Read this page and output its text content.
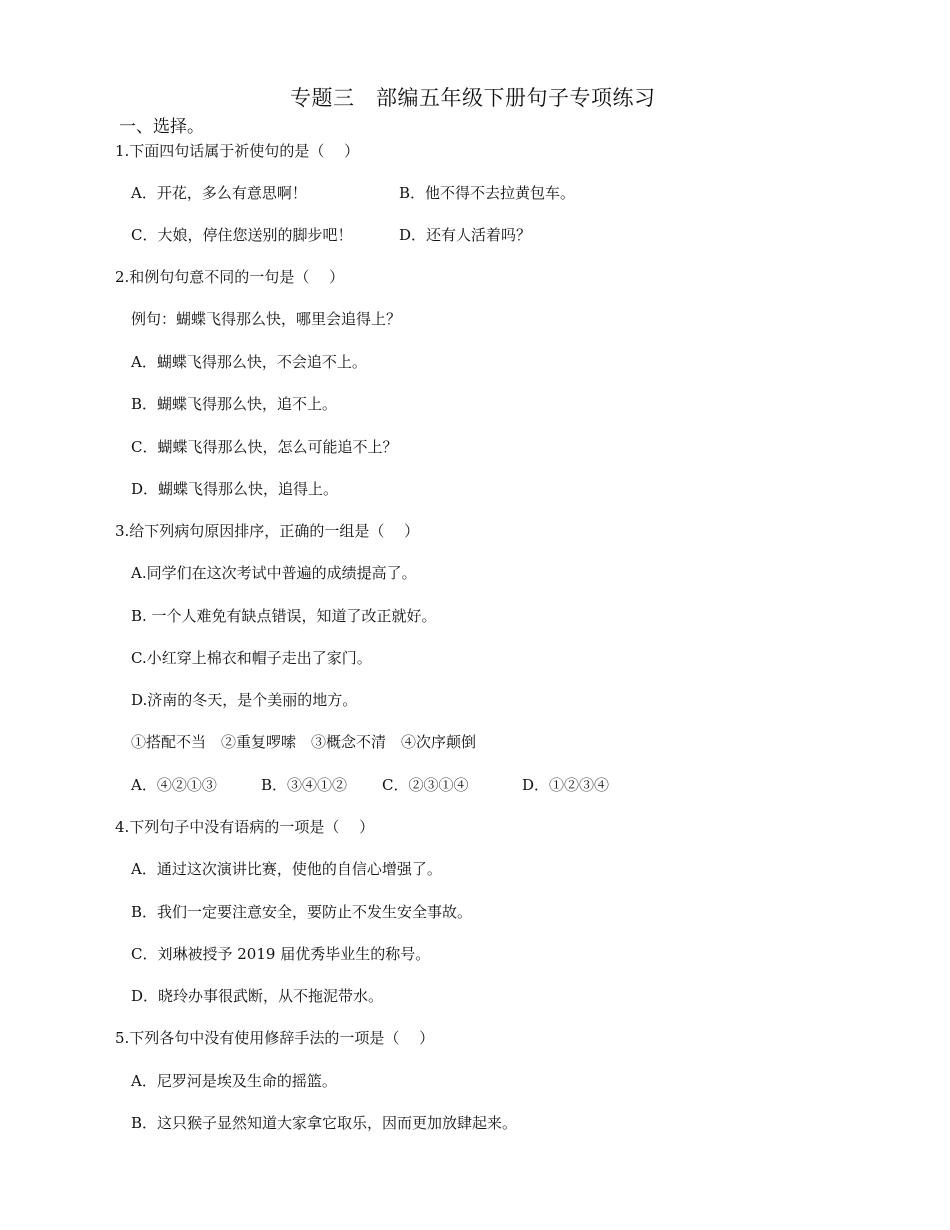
专题三　部编五年级下册句子专项练习
一、选择。
1.下面四句话属于祈使句的是（　 ）
A．开花，多么有意思啊！	B．他不得不去拉黄包车。
C．大娘，停住您送别的脚步吧！	D．还有人活着吗？
2.和例句句意不同的一句是（　 ）
例句：蝴蝶飞得那么快，哪里会追得上？
A．蝴蝶飞得那么快，不会追不上。
B．蝴蝶飞得那么快，追不上。
C．蝴蝶飞得那么快，怎么可能追不上？
D．蝴蝶飞得那么快，追得上。
3.给下列病句原因排序，正确的一组是（　 ）
A.同学们在这次考试中普遍的成绩提高了。
B. 一个人难免有缺点错误，知道了改正就好。
C.小红穿上棉衣和帽子走出了家门。
D.济南的冬天，是个美丽的地方。
①搭配不当　②重复啰嗦　③概念不清　④次序颠倒
A．④②①③	B．③④①② C．②③①④	D．①②③④
4.下列句子中没有语病的一项是（　 ）
A．通过这次演讲比赛，使他的自信心增强了。
B．我们一定要注意安全，要防止不发生安全事故。
C．刘琳被授予 2019 届优秀毕业生的称号。
D．晓玲办事很武断，从不拖泥带水。
5.下列各句中没有使用修辞手法的一项是（　 ）
A．尼罗河是埃及生命的摇篮。
B．这只猴子显然知道大家拿它取乐，因而更加放肆起来。
